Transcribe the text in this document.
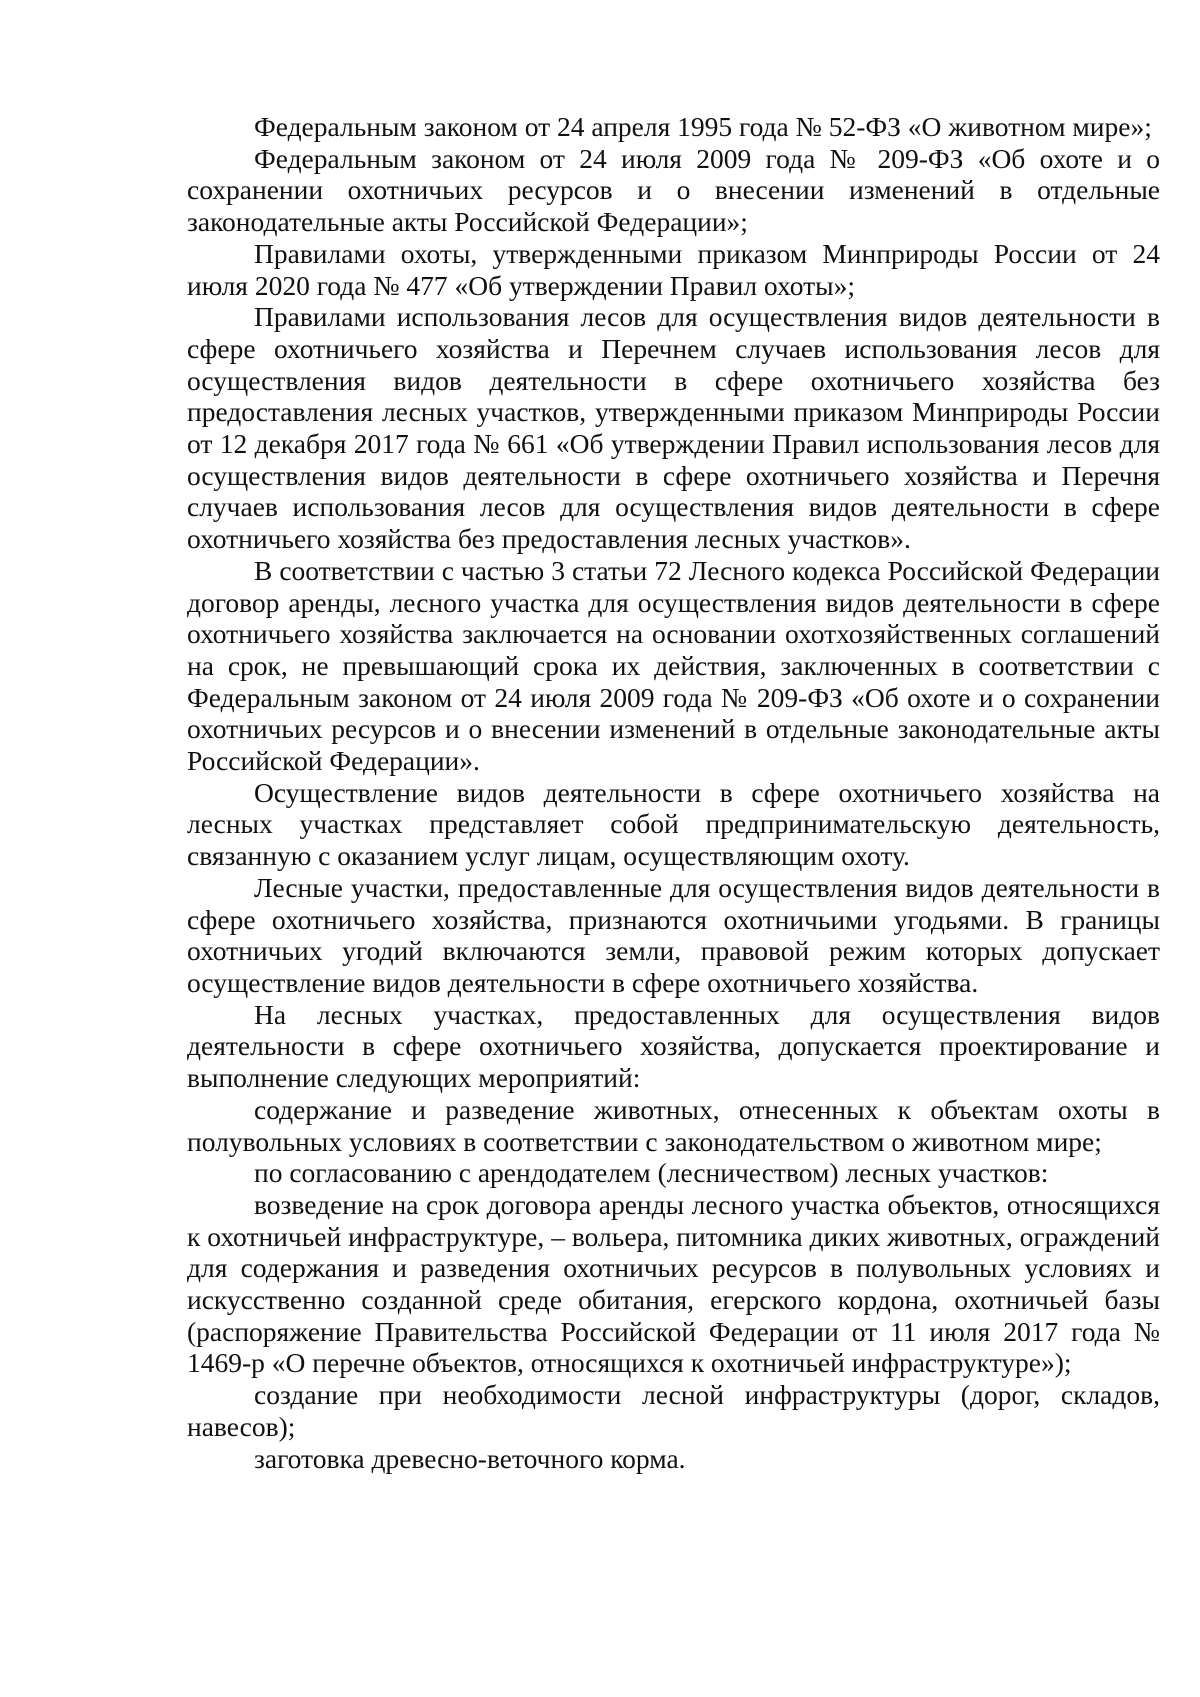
Федеральным законом от 24 апреля 1995 года № 52-ФЗ «О животном мире»;

Федеральным законом от 24 июля 2009 года № 209-ФЗ «Об охоте и о сохранении охотничьих ресурсов и о внесении изменений в отдельные законодательные акты Российской Федерации»;

Правилами охоты, утвержденными приказом Минприроды России от 24 июля 2020 года № 477 «Об утверждении Правил охоты»;

Правилами использования лесов для осуществления видов деятельности в сфере охотничьего хозяйства и Перечнем случаев использования лесов для осуществления видов деятельности в сфере охотничьего хозяйства без предоставления лесных участков, утвержденными приказом Минприроды России от 12 декабря 2017 года № 661 «Об утверждении Правил использования лесов для осуществления видов деятельности в сфере охотничьего хозяйства и Перечня случаев использования лесов для осуществления видов деятельности в сфере охотничьего хозяйства без предоставления лесных участков».

В соответствии с частью 3 статьи 72 Лесного кодекса Российской Федерации договор аренды, лесного участка для осуществления видов деятельности в сфере охотничьего хозяйства заключается на основании охотхозяйственных соглашений на срок, не превышающий срока их действия, заключенных в соответствии с Федеральным законом от 24 июля 2009 года № 209-ФЗ «Об охоте и о сохранении охотничьих ресурсов и о внесении изменений в отдельные законодательные акты Российской Федерации».

Осуществление видов деятельности в сфере охотничьего хозяйства на лесных участках представляет собой предпринимательскую деятельность, связанную с оказанием услуг лицам, осуществляющим охоту.

Лесные участки, предоставленные для осуществления видов деятельности в сфере охотничьего хозяйства, признаются охотничьими угодьями. В границы охотничьих угодий включаются земли, правовой режим которых допускает осуществление видов деятельности в сфере охотничьего хозяйства.

На лесных участках, предоставленных для осуществления видов деятельности в сфере охотничьего хозяйства, допускается проектирование и выполнение следующих мероприятий:

содержание и разведение животных, отнесенных к объектам охоты в полувольных условиях в соответствии с законодательством о животном мире;

по согласованию с арендодателем (лесничеством) лесных участков:

возведение на срок договора аренды лесного участка объектов, относящихся к охотничьей инфраструктуре, – вольера, питомника диких животных, ограждений для содержания и разведения охотничьих ресурсов в полувольных условиях и искусственно созданной среде обитания, егерского кордона, охотничьей базы (распоряжение Правительства Российской Федерации от 11 июля 2017 года № 1469-р «О перечне объектов, относящихся к охотничьей инфраструктуре»);

создание при необходимости лесной инфраструктуры (дорог, складов, навесов);

заготовка древесно-веточного корма.
